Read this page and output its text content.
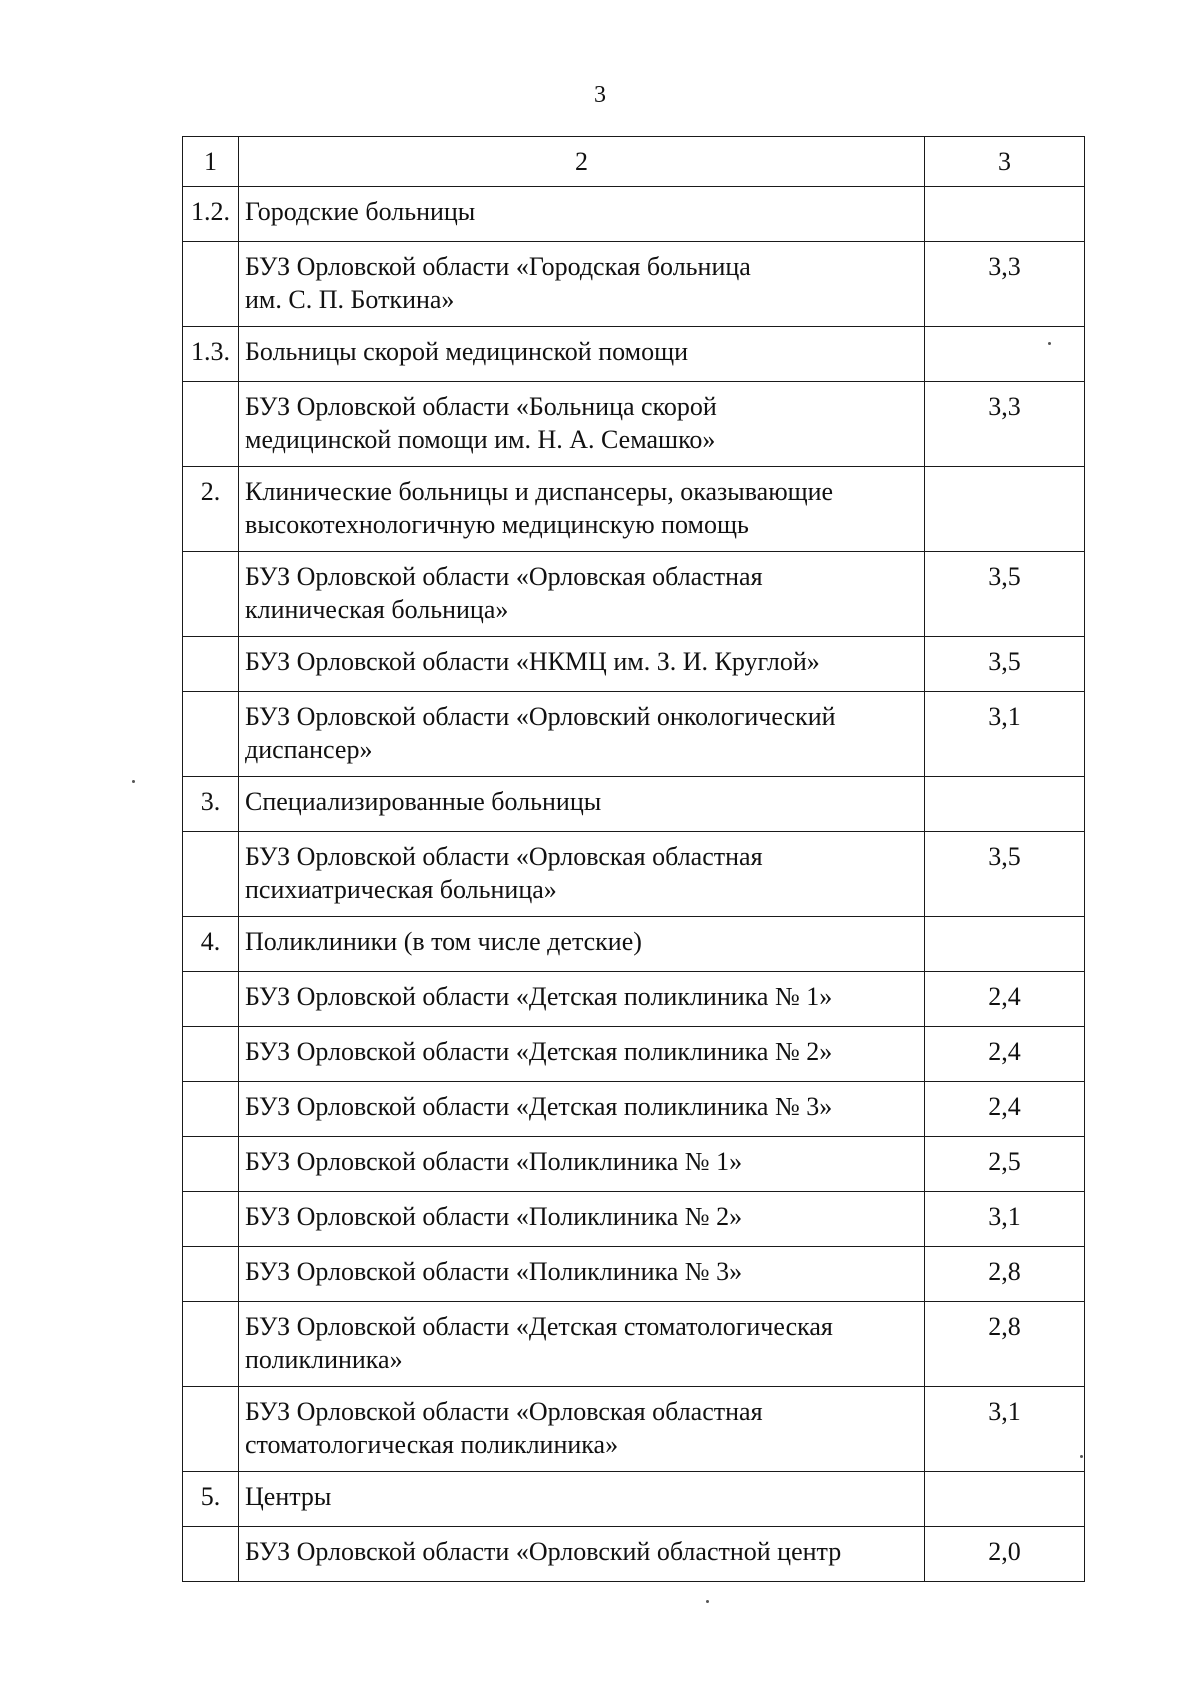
3
1	2	3
1.2.	Городские больницы	

	БУЗ Орловской области «Городская больница
им. С. П. Боткина»	3,3
1.3.	Больницы скорой медицинской помощи	

	БУЗ Орловской области «Больница скорой
медицинской помощи им. Н. А. Семашко»	3,3
2.	Клинические больницы и диспансеры, оказывающие
высокотехнологичную медицинскую помощь	

	БУЗ Орловской области «Орловская областная
клиническая больница»	3,5
	БУЗ Орловской области «НКМЦ им. З. И. Круглой»	3,5

	БУЗ Орловской области «Орловский онкологический
диспансер»	3,1
3.	Специализированные больницы	

	БУЗ Орловской области «Орловская областная
психиатрическая больница»	3,5
4.	Поликлиники (в том числе детские)	
	БУЗ Орловской области «Детская поликлиника № 1»	2,4
	БУЗ Орловской области «Детская поликлиника № 2»	2,4
	БУЗ Орловской области «Детская поликлиника № 3»	2,4
	БУЗ Орловской области «Поликлиника № 1»	2,5
	БУЗ Орловской области «Поликлиника № 2»	3,1
	БУЗ Орловской области «Поликлиника № 3»	2,8

	БУЗ Орловской области «Детская стоматологическая
поликлиника»	2,8

	БУЗ Орловской области «Орловская областная
стоматологическая поликлиника»	3,1
5.	Центры	
	БУЗ Орловской области «Орловский областной центр	2,0
